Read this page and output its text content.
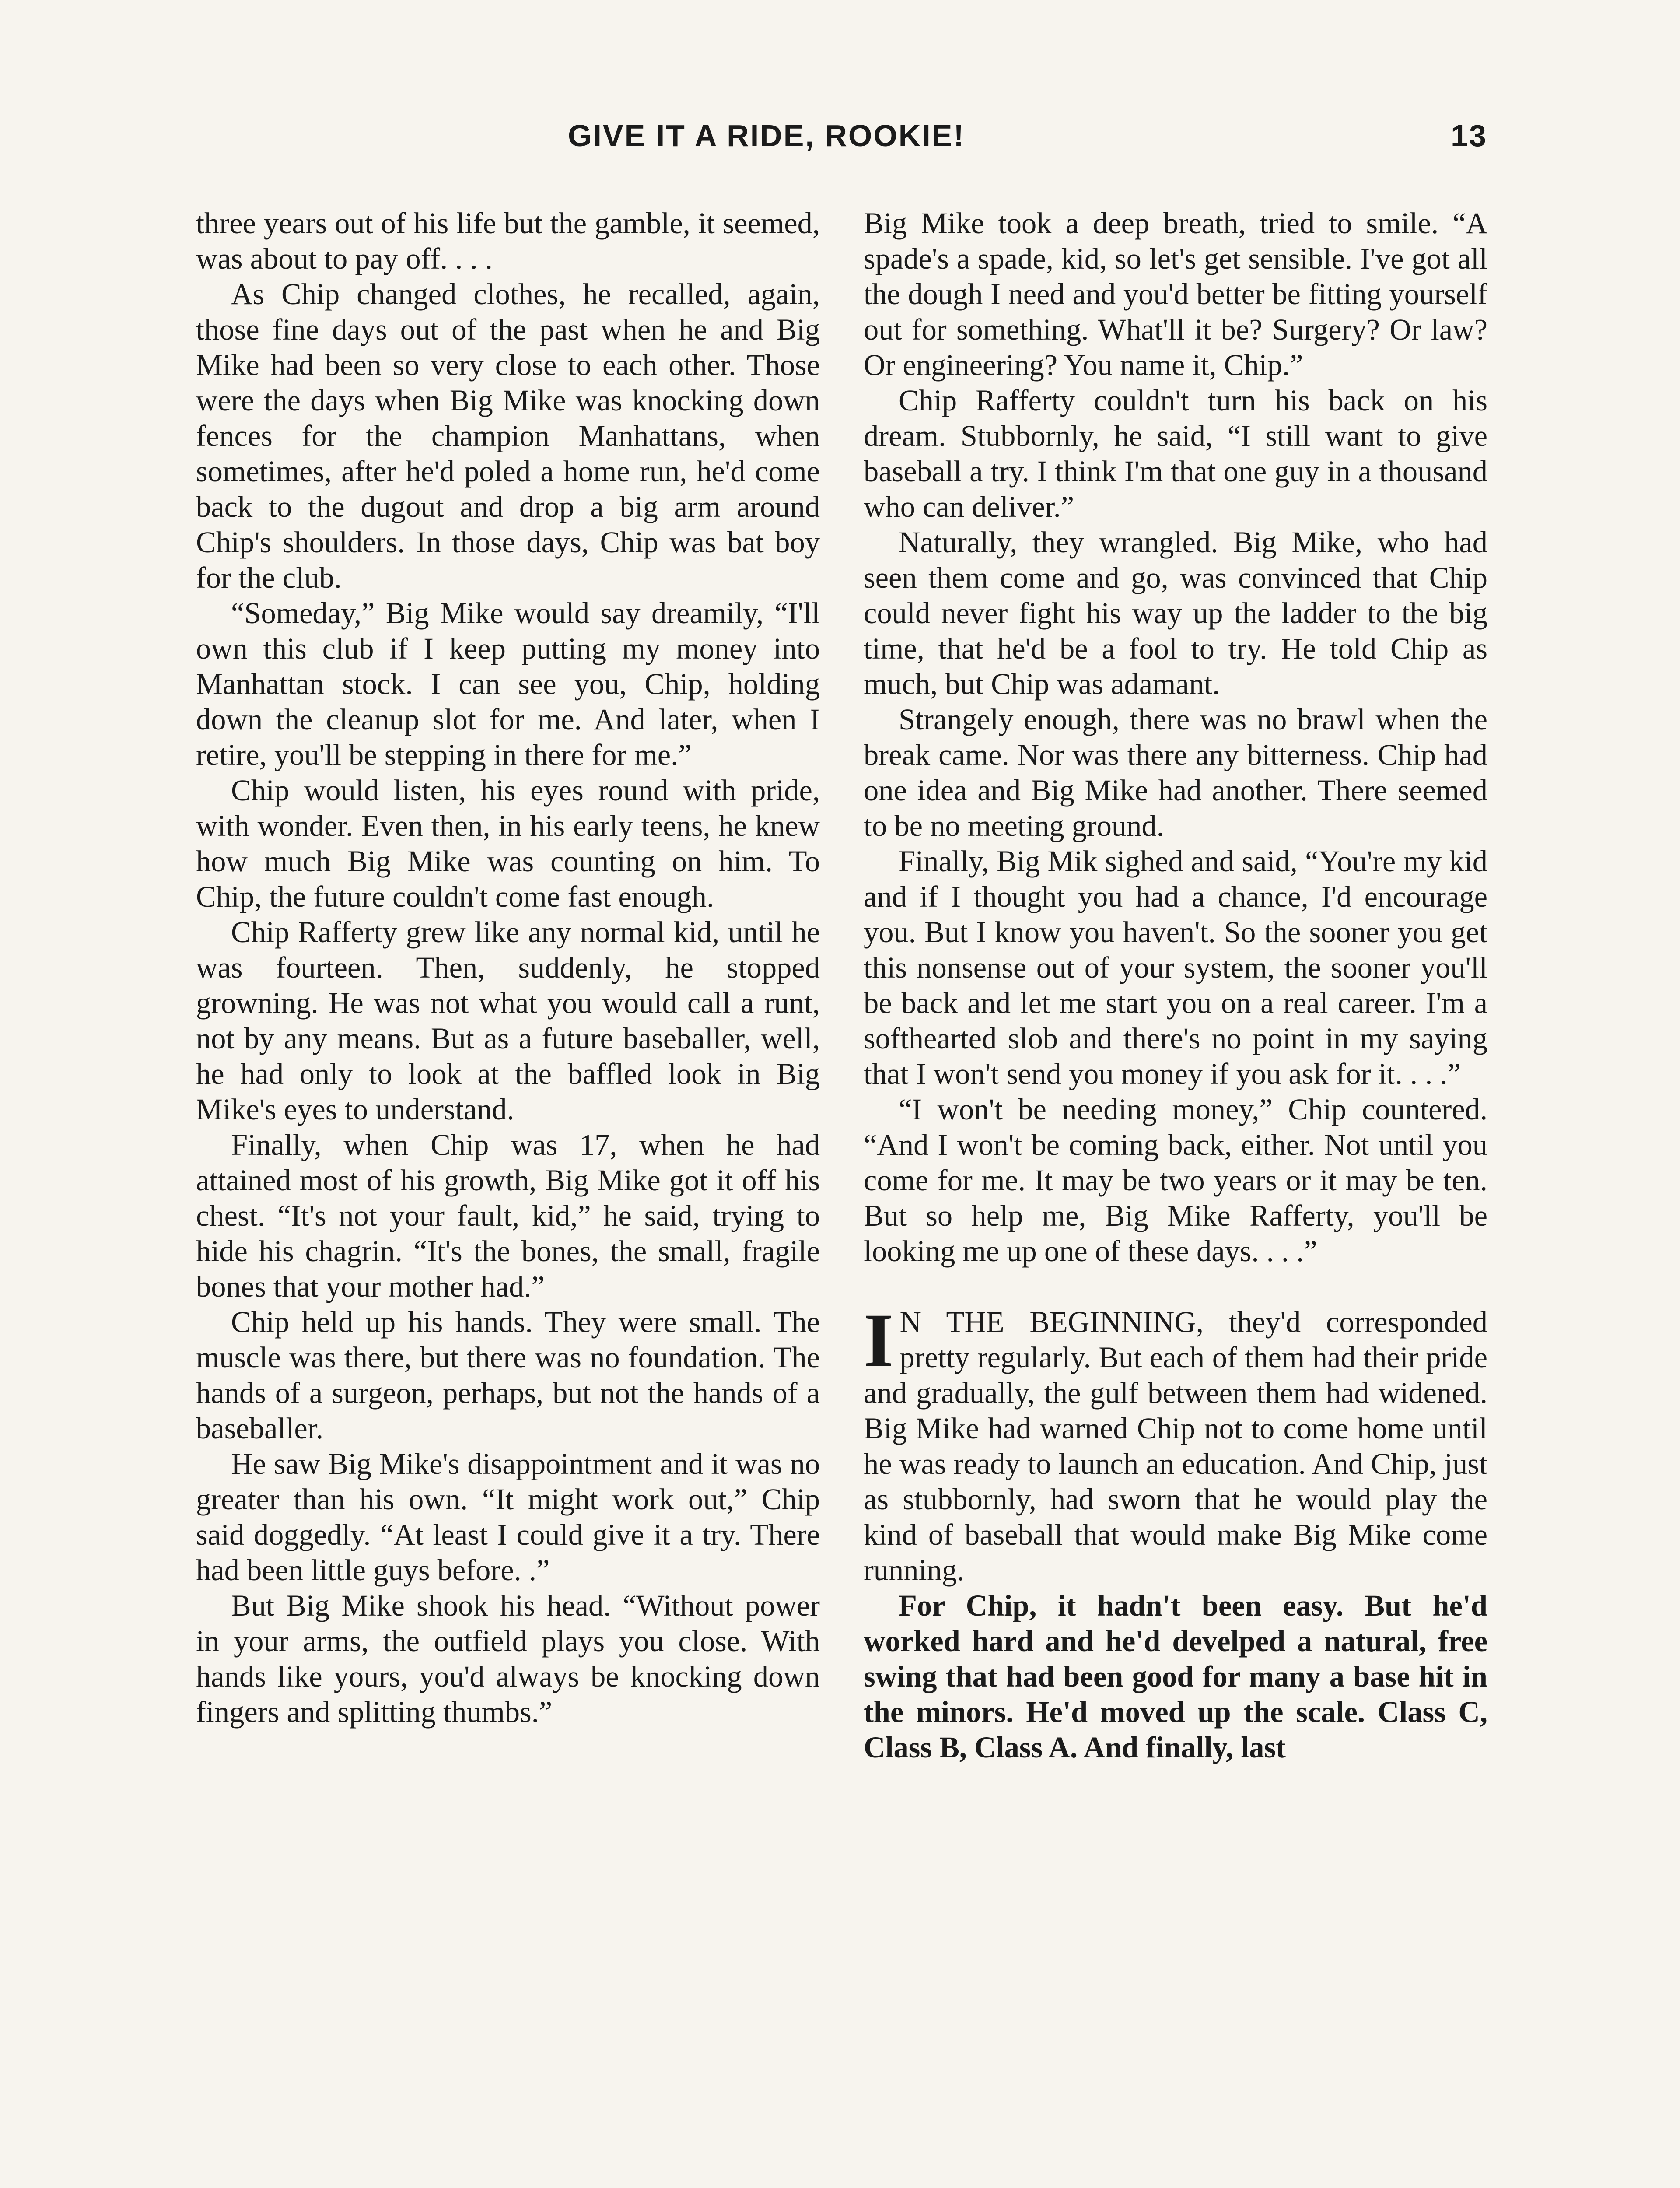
GIVE IT A RIDE, ROOKIE!	13

three years out of his life but the gamble, it seemed, was about to pay off. . . .

As Chip changed clothes, he recalled, again, those fine days out of the past when he and Big Mike had been so very close to each other. Those were the days when Big Mike was knocking down fences for the champion Manhattans, when sometimes, after he'd poled a home run, he'd come back to the dugout and drop a big arm around Chip's shoulders. In those days, Chip was bat boy for the club.

“Someday,” Big Mike would say dreamily, “I'll own this club if I keep putting my money into Manhattan stock. I can see you, Chip, holding down the cleanup slot for me. And later, when I retire, you'll be stepping in there for me.”

Chip would listen, his eyes round with pride, with wonder. Even then, in his early teens, he knew how much Big Mike was counting on him. To Chip, the future couldn't come fast enough.

Chip Rafferty grew like any normal kid, until he was fourteen. Then, suddenly, he stopped growning. He was not what you would call a runt, not by any means. But as a future baseballer, well, he had only to look at the baffled look in Big Mike's eyes to understand.

Finally, when Chip was 17, when he had attained most of his growth, Big Mike got it off his chest. “It's not your fault, kid,” he said, trying to hide his chagrin. “It's the bones, the small, fragile bones that your mother had.”

Chip held up his hands. They were small. The muscle was there, but there was no foundation. The hands of a surgeon, perhaps, but not the hands of a baseballer.

He saw Big Mike's disappointment and it was no greater than his own. “It might work out,” Chip said doggedly. “At least I could give it a try. There had been little guys before. .”

But Big Mike shook his head. “Without power in your arms, the outfield plays you close. With hands like yours, you'd always be knocking down fingers and splitting thumbs.”

Big Mike took a deep breath, tried to smile. “A spade's a spade, kid, so let's get sensible. I've got all the dough I need and you'd better be fitting yourself out for something. What'll it be? Surgery? Or law? Or engineering? You name it, Chip.”

Chip Rafferty couldn't turn his back on his dream. Stubbornly, he said, “I still want to give baseball a try. I think I'm that one guy in a thousand who can deliver.”

Naturally, they wrangled. Big Mike, who had seen them come and go, was convinced that Chip could never fight his way up the ladder to the big time, that he'd be a fool to try. He told Chip as much, but Chip was adamant.

Strangely enough, there was no brawl when the break came. Nor was there any bitterness. Chip had one idea and Big Mike had another. There seemed to be no meeting ground.

Finally, Big Mik sighed and said, “You're my kid and if I thought you had a chance, I'd encourage you. But I know you haven't. So the sooner you get this nonsense out of your system, the sooner you'll be back and let me start you on a real career. I'm a softhearted slob and there's no point in my saying that I won't send you money if you ask for it. . . .”

“I won't be needing money,” Chip countered. “And I won't be coming back, either. Not until you come for me. It may be two years or it may be ten. But so help me, Big Mike Rafferty, you'll be looking me up one of these days. . . .”

I N THE BEGINNING, they'd corresponded pretty regularly. But each of them had their pride and gradually, the gulf between them had widened. Big Mike had warned Chip not to come home until he was ready to launch an education. And Chip, just as stubbornly, had sworn that he would play the kind of baseball that would make Big Mike come running.

For Chip, it hadn't been easy. But he'd worked hard and he'd develped a natural, free swing that had been good for many a base hit in the minors. He'd moved up the scale. Class C, Class B, Class A. And finally, last
